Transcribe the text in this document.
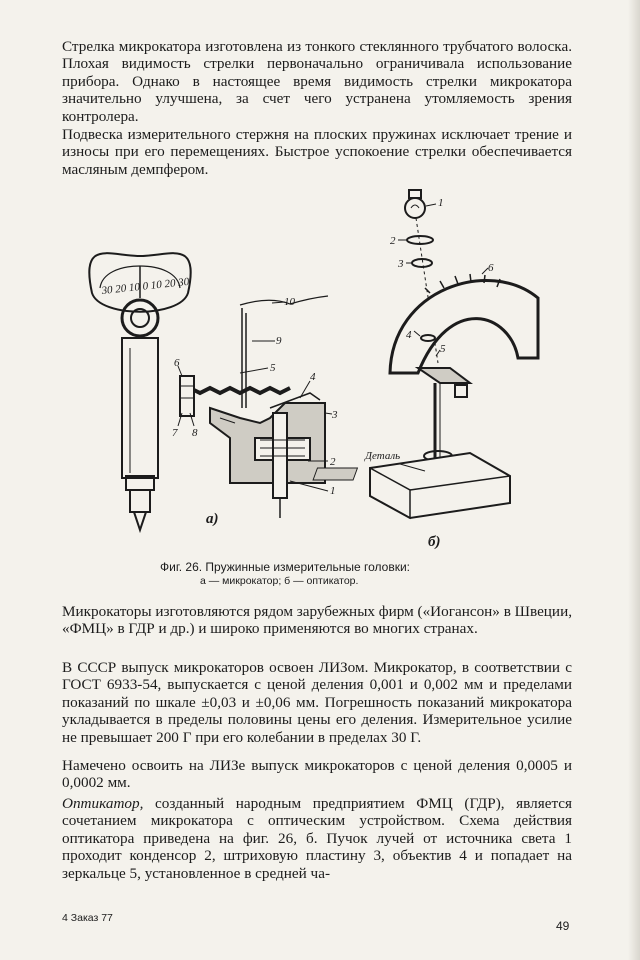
Стрелка микрокатора изготовлена из тонкого стеклянного трубчатого волоска. Плохая видимость стрелки первоначально ограничивала использование прибора. Однако в настоящее время видимость стрелки микрокатора значительно улучшена, за счет чего устранена утомляемость зрения контролера.

Подвеска измерительного стержня на плоских пружинах исключает трение и износы при его перемещениях. Быстрое успокоение стрелки обеспечивается масляным демпфером.

30 20 10 0 10 20 30
10
9
5
4
3
2
1
6
7 8
а)
1
2
3	6
4
5
Деталь
б)
Фиг. 26. Пружинные измерительные головки:
а — микрокатор; б — оптикатор.

Микрокаторы изготовляются рядом зарубежных фирм («Иогансон» в Швеции, «ФМЦ» в ГДР и др.) и широко применяются во многих странах.

В СССР выпуск микрокаторов освоен ЛИЗом. Микрокатор, в соответствии с ГОСТ 6933-54, выпускается с ценой деления 0,001 и 0,002 мм и пределами показаний по шкале ±0,03 и ±0,06 мм. Погрешность показаний микрокатора укладывается в пределы половины цены его деления. Измерительное усилие не превышает 200 Г при его колебании в пределах 30 Г.

Намечено освоить на ЛИЗе выпуск микрокаторов с ценой деления 0,0005 и 0,0002 мм.

Оптикатор, созданный народным предприятием ФМЦ (ГДР), является сочетанием микрокатора с оптическим устройством. Схема действия оптикатора приведена на фиг. 26, б. Пучок лучей от источника света 1 проходит конденсор 2, штриховую пластину 3, объектив 4 и попадает на зеркальце 5, установленное в средней ча-

4 Заказ 77
49
